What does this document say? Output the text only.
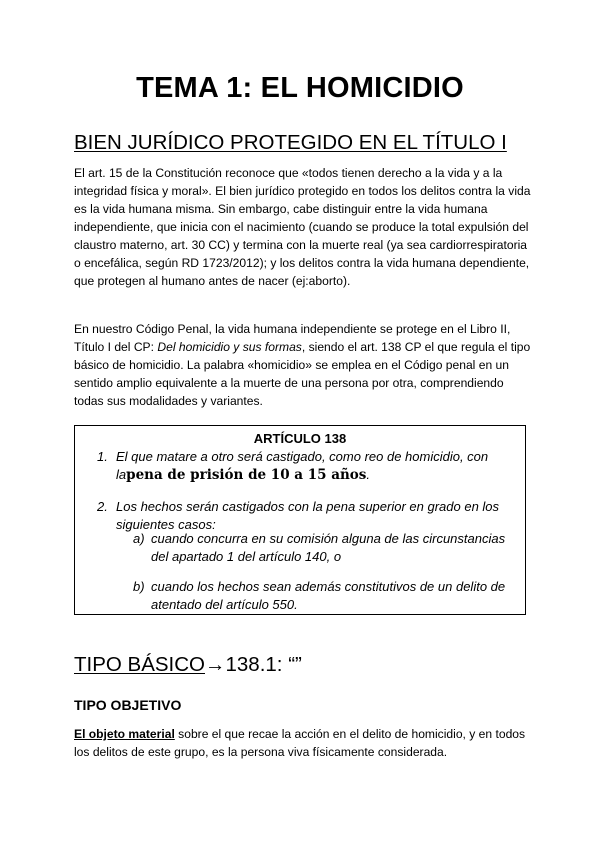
TEMA 1: EL HOMICIDIO
BIEN JURÍDICO PROTEGIDO EN EL TÍTULO I

El art. 15 de la Constitución reconoce que «todos tienen derecho a la vida y a la integridad física y moral». El bien jurídico protegido en todos los delitos contra la vida es la vida humana misma. Sin embargo, cabe distinguir entre la vida humana independiente, que inicia con el nacimiento (cuando se produce la total expulsión del claustro materno, art. 30 CC) y termina con la muerte real (ya sea cardiorrespiratoria o encefálica, según RD 1723/2012); y los delitos contra la vida humana dependiente, que protegen al humano antes de nacer (ej:aborto).

En nuestro Código Penal, la vida humana independiente se protege en el Libro II, Título I del CP: Del homicidio y sus formas, siendo el art. 138 CP el que regula el tipo básico de homicidio. La palabra «homicidio» se emplea en el Código penal en un sentido amplio equivalente a la muerte de una persona por otra, comprendiendo todas sus modalidades y variantes.

ARTÍCULO 138
1. El que matare a otro será castigado, como reo de homicidio, con lapena de prisión de 10 a 15 años.
2. Los hechos serán castigados con la pena superior en grado en los siguientes casos:
a) cuando concurra en su comisión alguna de las circunstancias del apartado 1 del artículo 140, o
b) cuando los hechos sean además constitutivos de un delito de atentado del artículo 550.
TIPO BÁSICO→138.1: “”
TIPO OBJETIVO

El objeto material sobre el que recae la acción en el delito de homicidio, y en todos los delitos de este grupo, es la persona viva físicamente considerada.
